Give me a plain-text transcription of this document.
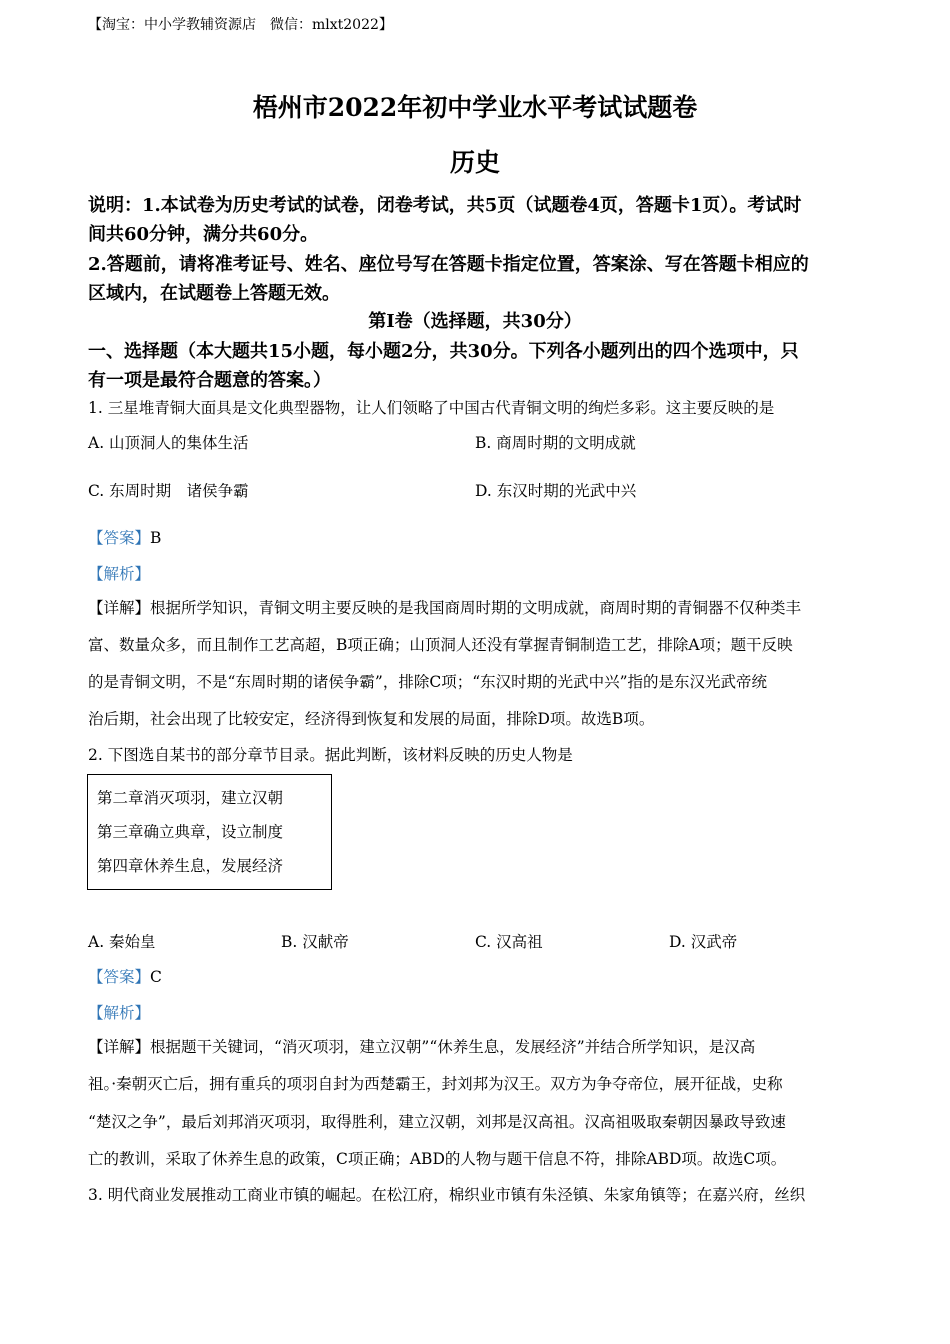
【淘宝：中小学教辅资源店　微信：mlxt2022】
梧州市2022年初中学业水平考试试题卷
历史
说明：1.本试卷为历史考试的试卷，闭卷考试，共5页（试题卷4页，答题卡1页）。考试时
间共60分钟，满分共60分。
2.答题前，请将准考证号、姓名、座位号写在答题卡指定位置，答案涂、写在答题卡相应的
区域内，在试题卷上答题无效。
第I卷（选择题，共30分）
一、选择题（本大题共15小题，每小题2分，共30分。下列各小题列出的四个选项中，只
有一项是最符合题意的答案。）
1. 三星堆青铜大面具是文化典型器物，让人们领略了中国古代青铜文明的绚烂多彩。这主要反映的是
A. 山顶洞人的集体生活	B. 商周时期的文明成就
C. 东周时期　诸侯争霸	D. 东汉时期的光武中兴
【答案】B
【解析】
【详解】根据所学知识，青铜文明主要反映的是我国商周时期的文明成就，商周时期的青铜器不仅种类丰
富、数量众多，而且制作工艺高超，B项正确；山顶洞人还没有掌握青铜制造工艺，排除A项；题干反映
的是青铜文明，不是“东周时期的诸侯争霸”，排除C项；“东汉时期的光武中兴”指的是东汉光武帝统
治后期，社会出现了比较安定，经济得到恢复和发展的局面，排除D项。故选B项。
2. 下图选自某书的部分章节目录。据此判断，该材料反映的历史人物是
第二章消灭项羽，建立汉朝
第三章确立典章，设立制度
第四章休养生息，发展经济
A. 秦始皇	B. 汉献帝	C. 汉高祖	D. 汉武帝
【答案】C
【解析】
【详解】根据题干关键词，“消灭项羽，建立汉朝”“休养生息，发展经济”并结合所学知识，是汉高
祖。·秦朝灭亡后，拥有重兵的项羽自封为西楚霸王，封刘邦为汉王。双方为争夺帝位，展开征战，史称
“楚汉之争”，最后刘邦消灭项羽，取得胜利，建立汉朝，刘邦是汉高祖。汉高祖吸取秦朝因暴政导致速
亡的教训，采取了休养生息的政策，C项正确；ABD的人物与题干信息不符，排除ABD项。故选C项。
3. 明代商业发展推动工商业市镇的崛起。在松江府，棉织业市镇有朱泾镇、朱家角镇等；在嘉兴府，丝织
